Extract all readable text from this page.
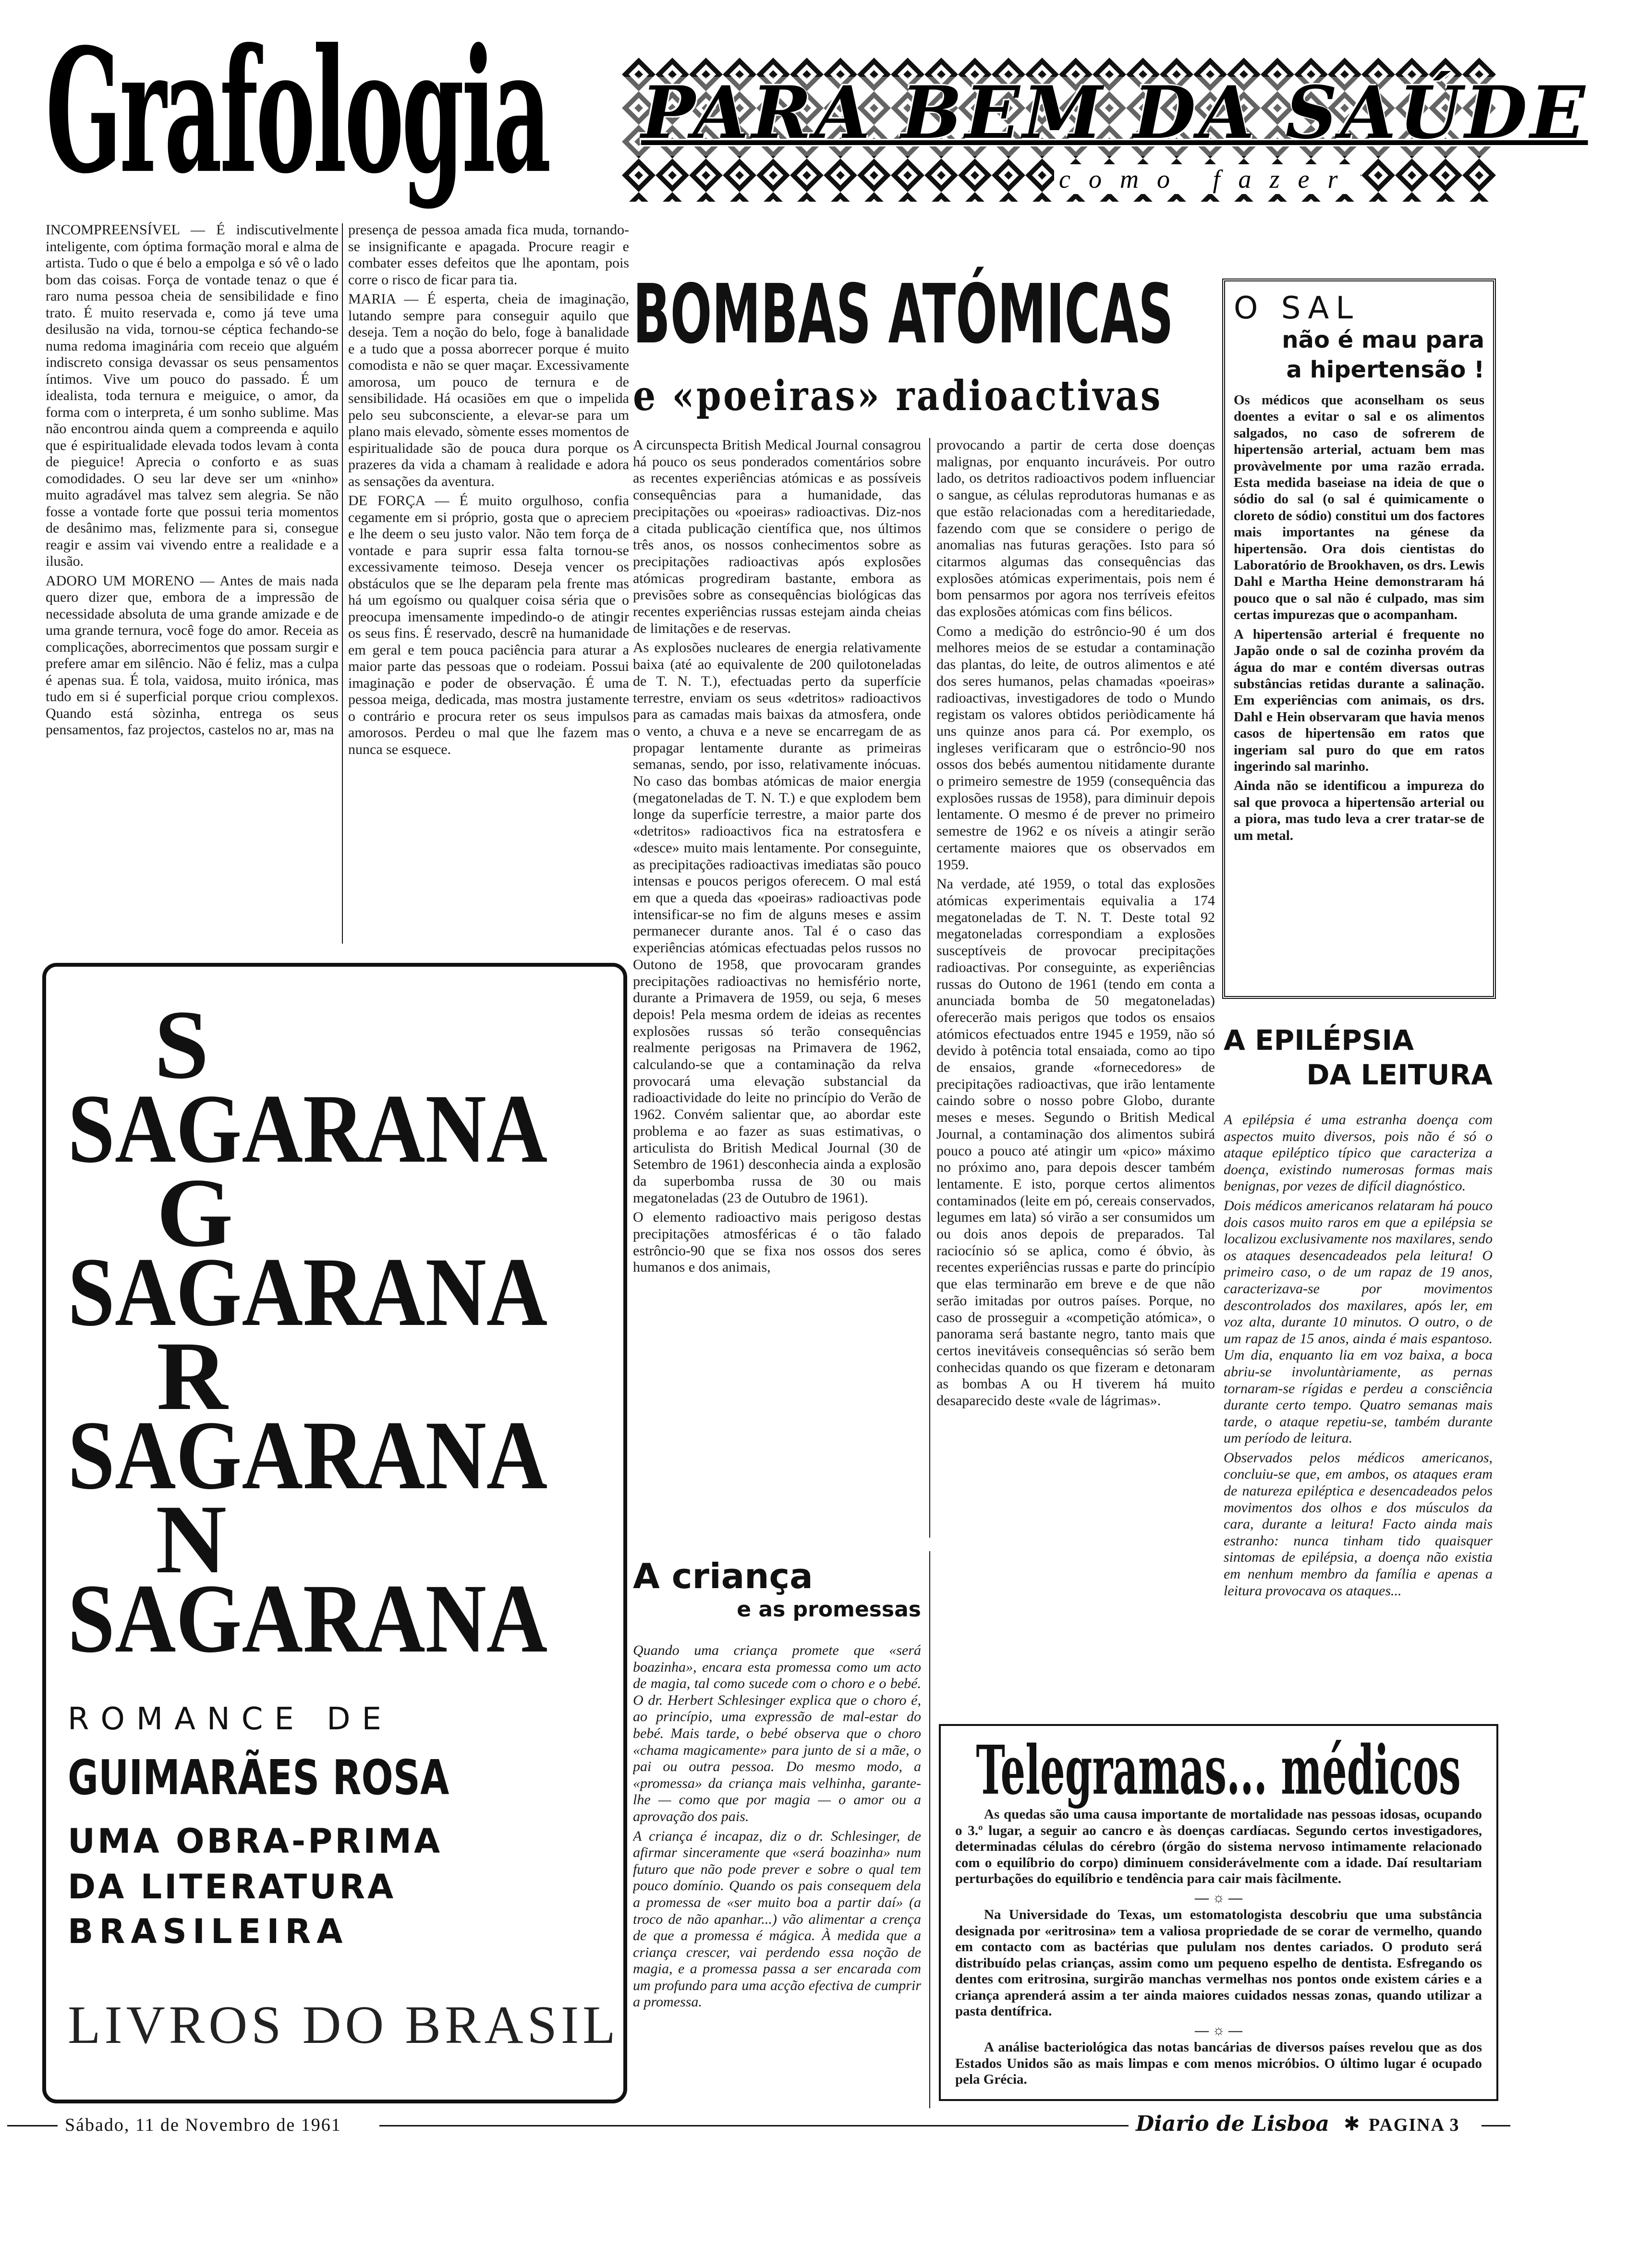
Grafologia PARA BEM DA SAÚDE
como fazer

INCOMPREENSÍVEL — É indiscutivelmente inteligente, com óptima formação moral e alma de artista. Tudo o que é belo a empolga e só vê o lado bom das coisas. Força de vontade tenaz o que é raro numa pessoa cheia de sensibilidade e fino trato. É muito reservada e, como já teve uma desilusão na vida, tornou-se céptica fechando-se numa redoma imaginária com receio que alguém indiscreto consiga devassar os seus pensamentos íntimos. Vive um pouco do passado. É um idealista, toda ternura e meiguice, o amor, da forma com o interpreta, é um sonho sublime. Mas não encontrou ainda quem a compreenda e aquilo que é espiritualidade elevada todos levam à conta de pieguice! Aprecia o conforto e as suas comodidades. O seu lar deve ser um «ninho» muito agradável mas talvez sem alegria. Se não fosse a vontade forte que possui teria momentos de desânimo mas, felizmente para si, consegue reagir e assim vai vivendo entre a realidade e a ilusão.

ADORO UM MORENO — Antes de mais nada quero dizer que, embora de a impressão de necessidade absoluta de uma grande amizade e de uma grande ternura, você foge do amor. Receia as complicações, aborrecimentos que possam surgir e prefere amar em silêncio. Não é feliz, mas a culpa é apenas sua. É tola, vaidosa, muito irónica, mas tudo em si é superficial porque criou complexos. Quando está sòzinha, entrega os seus pensamentos, faz projectos, castelos no ar, mas na

presença de pessoa amada fica muda, tornando-se insignificante e apagada. Procure reagir e combater esses defeitos que lhe apontam, pois corre o risco de ficar para tia.

MARIA — É esperta, cheia de imaginação, lutando sempre para conseguir aquilo que deseja. Tem a noção do belo, foge à banalidade e a tudo que a possa aborrecer porque é muito comodista e não se quer maçar. Excessivamente amorosa, um pouco de ternura e de sensibilidade. Há ocasiões em que o impelida pelo seu subconsciente, a elevar-se para um plano mais elevado, sòmente esses momentos de espiritualidade são de pouca dura porque os prazeres da vida a chamam à realidade e adora as sensações da aventura.

DE FORÇA — É muito orgulhoso, confia cegamente em si próprio, gosta que o apreciem e lhe deem o seu justo valor. Não tem força de vontade e para suprir essa falta tornou-se excessivamente teimoso. Deseja vencer os obstáculos que se lhe deparam pela frente mas há um egoísmo ou qualquer coisa séria que o preocupa imensamente impedindo-o de atingir os seus fins. É reservado, descrê na humanidade em geral e tem pouca paciência para aturar a maior parte das pessoas que o rodeiam. Possui imaginação e poder de observação. É uma pessoa meiga, dedicada, mas mostra justamente o contrário e procura reter os seus impulsos amorosos. Perdeu o mal que lhe fazem mas nunca se esquece.

S
SAGARANA
G
SAGARANA
R
SAGARANA
N
SAGARANA
ROMANCE DE
GUIMARÃES ROSA
UMA OBRA-PRIMA
DA LITERATURA
BRASILEIRA
LIVROS DO BRASIL
BOMBAS ATÓMICAS
e «poeiras» radioactivas

A circunspecta British Medical Journal consagrou há pouco os seus ponderados comentários sobre as recentes experiências atómicas e as possíveis consequências para a humanidade, das precipitações ou «poeiras» radioactivas. Diz-nos a citada publicação científica que, nos últimos três anos, os nossos conhecimentos sobre as precipitações radioactivas após explosões atómicas progrediram bastante, embora as previsões sobre as consequências biológicas das recentes experiências russas estejam ainda cheias de limitações e de reservas.

As explosões nucleares de energia relativamente baixa (até ao equivalente de 200 quilotoneladas de T. N. T.), efectuadas perto da superfície terrestre, enviam os seus «detritos» radioactivos para as camadas mais baixas da atmosfera, onde o vento, a chuva e a neve se encarregam de as propagar lentamente durante as primeiras semanas, sendo, por isso, relativamente inócuas. No caso das bombas atómicas de maior energia (megatoneladas de T. N. T.) e que explodem bem longe da superfície terrestre, a maior parte dos «detritos» radioactivos fica na estratosfera e «desce» muito mais lentamente. Por conseguinte, as precipitações radioactivas imediatas são pouco intensas e poucos perigos oferecem. O mal está em que a queda das «poeiras» radioactivas pode intensificar-se no fim de alguns meses e assim permanecer durante anos. Tal é o caso das experiências atómicas efectuadas pelos russos no Outono de 1958, que provocaram grandes precipitações radioactivas no hemisfério norte, durante a Primavera de 1959, ou seja, 6 meses depois! Pela mesma ordem de ideias as recentes explosões russas só terão consequências realmente perigosas na Primavera de 1962, calculando-se que a contaminação da relva provocará uma elevação substancial da radioactividade do leite no princípio do Verão de 1962. Convém salientar que, ao abordar este problema e ao fazer as suas estimativas, o articulista do British Medical Journal (30 de Setembro de 1961) desconhecia ainda a explosão da superbomba russa de 30 ou mais megatoneladas (23 de Outubro de 1961).

O elemento radioactivo mais perigoso destas precipitações atmosféricas é o tão falado estrôncio-90 que se fixa nos ossos dos seres humanos e dos animais,

provocando a partir de certa dose doenças malignas, por enquanto incuráveis. Por outro lado, os detritos radioactivos podem influenciar o sangue, as células reprodutoras humanas e as que estão relacionadas com a hereditariedade, fazendo com que se considere o perigo de anomalias nas futuras gerações. Isto para só citarmos algumas das consequências das explosões atómicas experimentais, pois nem é bom pensarmos por agora nos terríveis efeitos das explosões atómicas com fins bélicos.

Como a medição do estrôncio-90 é um dos melhores meios de se estudar a contaminação das plantas, do leite, de outros alimentos e até dos seres humanos, pelas chamadas «poeiras» radioactivas, investigadores de todo o Mundo registam os valores obtidos periòdicamente há uns quinze anos para cá. Por exemplo, os ingleses verificaram que o estrôncio-90 nos ossos dos bebés aumentou nitidamente durante o primeiro semestre de 1959 (consequência das explosões russas de 1958), para diminuir depois lentamente. O mesmo é de prever no primeiro semestre de 1962 e os níveis a atingir serão certamente maiores que os observados em 1959.

Na verdade, até 1959, o total das explosões atómicas experimentais equivalia a 174 megatoneladas de T. N. T. Deste total 92 megatoneladas correspondiam a explosões susceptíveis de provocar precipitações radioactivas. Por conseguinte, as experiências russas do Outono de 1961 (tendo em conta a anunciada bomba de 50 megatoneladas) oferecerão mais perigos que todos os ensaios atómicos efectuados entre 1945 e 1959, não só devido à potência total ensaiada, como ao tipo de ensaios, grande «fornecedores» de precipitações radioactivas, que irão lentamente caindo sobre o nosso pobre Globo, durante meses e meses. Segundo o British Medical Journal, a contaminação dos alimentos subirá pouco a pouco até atingir um «pico» máximo no próximo ano, para depois descer também lentamente. E isto, porque certos alimentos contaminados (leite em pó, cereais conservados, legumes em lata) só virão a ser consumidos um ou dois anos depois de preparados. Tal raciocínio só se aplica, como é óbvio, às recentes experiências russas e parte do princípio que elas terminarão em breve e de que não serão imitadas por outros países. Porque, no caso de prosseguir a «competição atómica», o panorama será bastante negro, tanto mais que certos inevitáveis consequências só serão bem conhecidas quando os que fizeram e detonaram as bombas A ou H tiverem há muito desaparecido deste «vale de lágrimas».

O SAL
não é mau para
a hipertensão !

Os médicos que aconselham os seus doentes a evitar o sal e os alimentos salgados, no caso de sofrerem de hipertensão arterial, actuam bem mas provàvelmente por uma razão errada. Esta medida baseiase na ideia de que o sódio do sal (o sal é quimicamente o cloreto de sódio) constitui um dos factores mais importantes na génese da hipertensão. Ora dois cientistas do Laboratório de Brookhaven, os drs. Lewis Dahl e Martha Heine demonstraram há pouco que o sal não é culpado, mas sim certas impurezas que o acompanham.

A hipertensão arterial é frequente no Japão onde o sal de cozinha provém da água do mar e contém diversas outras substâncias retidas durante a salinação. Em experiências com animais, os drs. Dahl e Hein observaram que havia menos casos de hipertensão em ratos que ingeriam sal puro do que em ratos ingerindo sal marinho.

Ainda não se identificou a impureza do sal que provoca a hipertensão arterial ou a piora, mas tudo leva a crer tratar-se de um metal.

A EPILÉPSIA
DA LEITURA

A epilépsia é uma estranha doença com aspectos muito diversos, pois não é só o ataque epiléptico típico que caracteriza a doença, existindo numerosas formas mais benignas, por vezes de difícil diagnóstico.

Dois médicos americanos relataram há pouco dois casos muito raros em que a epilépsia se localizou exclusivamente nos maxilares, sendo os ataques desencadeados pela leitura! O primeiro caso, o de um rapaz de 19 anos, caracterizava-se por movimentos descontrolados dos maxilares, após ler, em voz alta, durante 10 minutos. O outro, o de um rapaz de 15 anos, ainda é mais espantoso. Um dia, enquanto lia em voz baixa, a boca abriu-se involuntàriamente, as pernas tornaram-se rígidas e perdeu a consciência durante certo tempo. Quatro semanas mais tarde, o ataque repetiu-se, também durante um período de leitura.

Observados pelos médicos americanos, concluiu-se que, em ambos, os ataques eram de natureza epiléptica e desencadeados pelos movimentos dos olhos e dos músculos da cara, durante a leitura! Facto ainda mais estranho: nunca tinham tido quaisquer sintomas de epilépsia, a doença não existia em nenhum membro da família e apenas a leitura provocava os ataques...

A criança
e as promessas

Quando uma criança promete que «será boazinha», encara esta promessa como um acto de magia, tal como sucede com o choro e o bebé. O dr. Herbert Schlesinger explica que o choro é, ao princípio, uma expressão de mal-estar do bebé. Mais tarde, o bebé observa que o choro «chama magicamente» para junto de si a mãe, o pai ou outra pessoa. Do mesmo modo, a «promessa» da criança mais velhinha, garante-lhe — como que por magia — o amor ou a aprovação dos pais.

A criança é incapaz, diz o dr. Schlesinger, de afirmar sinceramente que «será boazinha» num futuro que não pode prever e sobre o qual tem pouco domínio. Quando os pais consequem dela a promessa de «ser muito boa a partir daí» (a troco de não apanhar...) vão alimentar a crença de que a promessa é mágica. À medida que a criança crescer, vai perdendo essa noção de magia, e a promessa passa a ser encarada com um profundo para uma acção efectiva de cumprir a promessa.

Telegramas... médicos

As quedas são uma causa importante de mortalidade nas pessoas idosas, ocupando o 3.º lugar, a seguir ao cancro e às doenças cardíacas. Segundo certos investigadores, determinadas células do cérebro (órgão do sistema nervoso intimamente relacionado com o equilíbrio do corpo) diminuem considerávelmente com a idade. Daí resultariam perturbações do equilíbrio e tendência para cair mais fàcilmente.

— ☼ —

Na Universidade do Texas, um estomatologista descobriu que uma substância designada por «eritrosina» tem a valiosa propriedade de se corar de vermelho, quando em contacto com as bactérias que pululam nos dentes cariados. O produto será distribuído pelas crianças, assim como um pequeno espelho de dentista. Esfregando os dentes com eritrosina, surgirão manchas vermelhas nos pontos onde existem cáries e a criança aprenderá assim a ter ainda maiores cuidados nessas zonas, quando utilizar a pasta dentífrica.

— ☼ —

A análise bacteriológica das notas bancárias de diversos países revelou que as dos Estados Unidos são as mais limpas e com menos micróbios. O último lugar é ocupado pela Grécia.

Sábado, 11 de Novembro de 1961	Diario de Lisboa ✱ PAGINA 3
